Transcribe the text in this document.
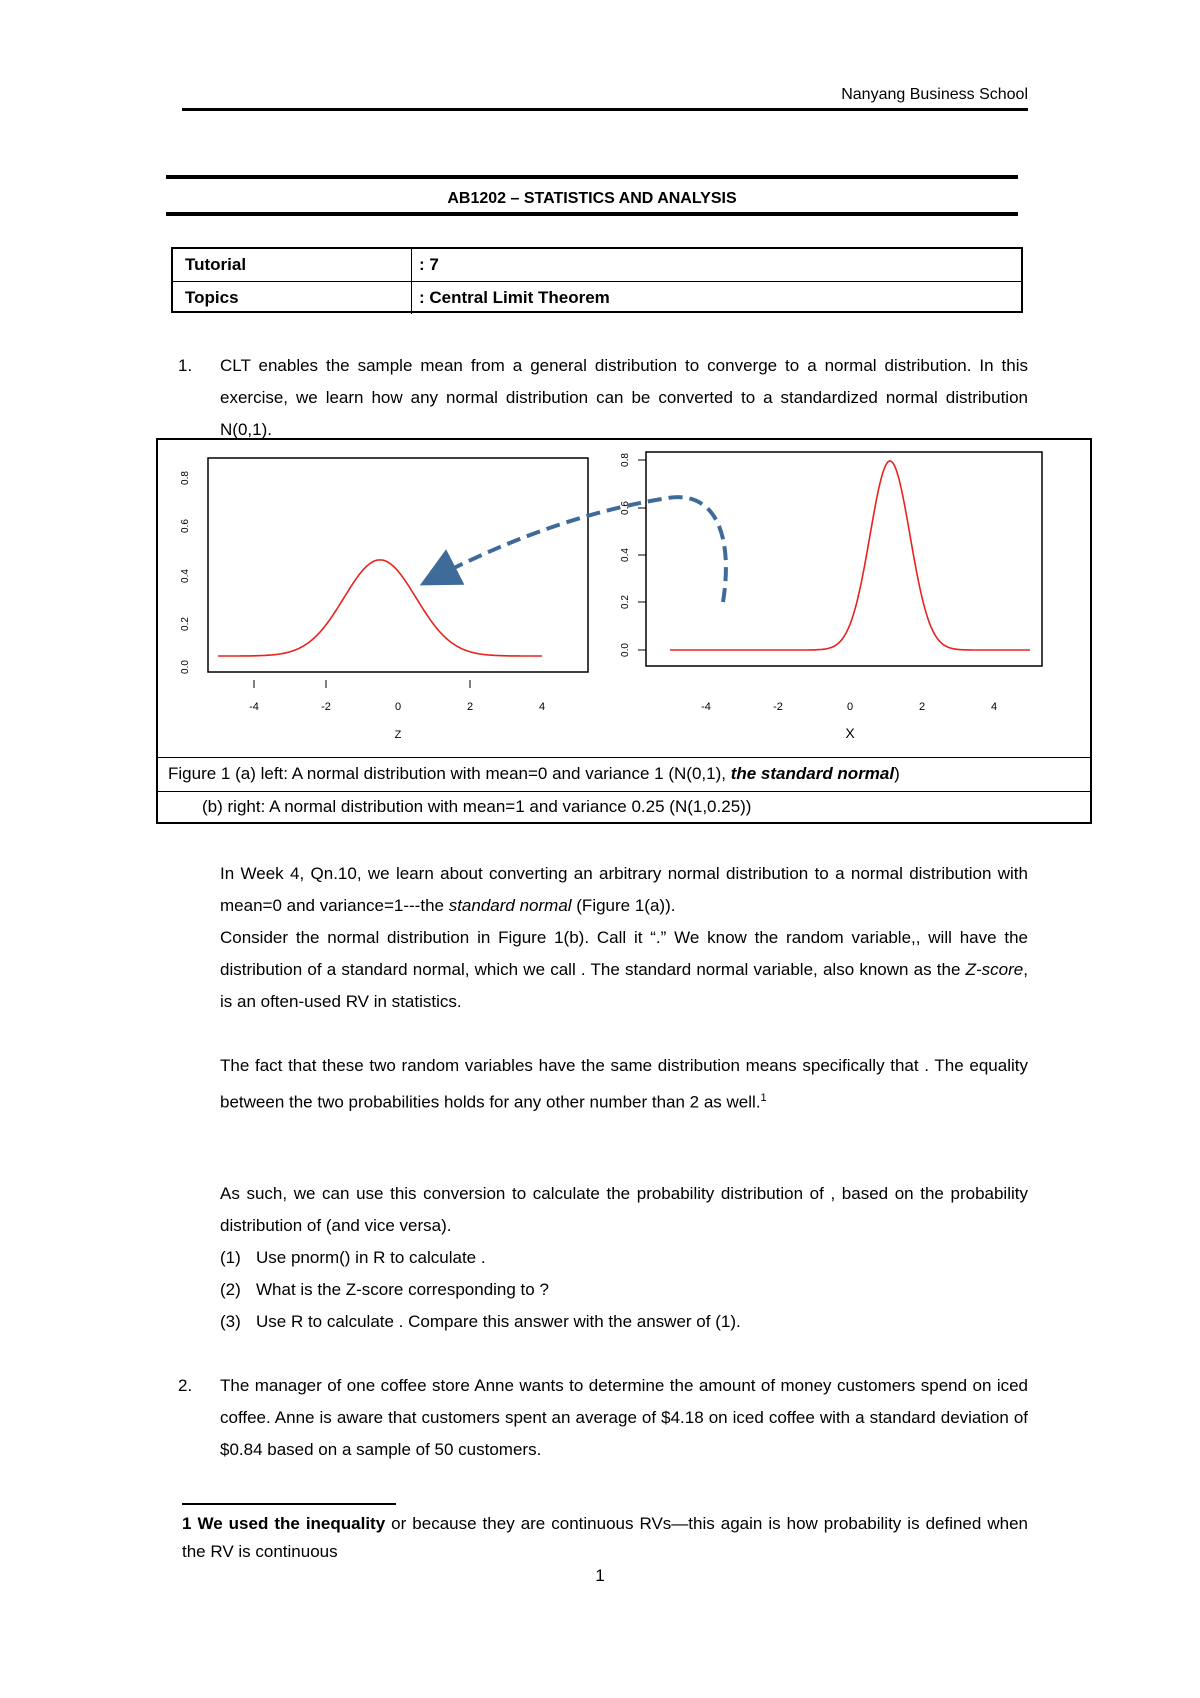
Nanyang Business School
AB1202 – STATISTICS AND ANALYSIS
Tutorial	: 7
Topics	: Central Limit Theorem
1. CLT enables the sample mean from a general distribution to converge to a normal distribution. In this exercise, we learn how any normal distribution can be converted to a standardized normal distribution N(0,1).
0.0
0.2
0.4
0.6
0.8
-4	-2	0	2	4
Z
0.0
0.2
0.4
0.6
0.8
-4	-2	0	2	4
X
Figure 1 (a) left: A normal distribution with mean=0 and variance 1 (N(0,1), the standard normal)
(b) right: A normal distribution with mean=1 and variance 0.25 (N(1,0.25))
In Week 4, Qn.10, we learn about converting an arbitrary normal distribution to a normal distribution with mean=0 and variance=1---the standard normal (Figure 1(a)).
Consider the normal distribution in Figure 1(b). Call it “.” We know the random variable,, will have the distribution of a standard normal, which we call . The standard normal variable, also known as the Z-score, is an often-used RV in statistics.
The fact that these two random variables have the same distribution means specifically that . The equality between the two probabilities holds for any other number than 2 as well.$^1$
As such, we can use this conversion to calculate the probability distribution of , based on the probability distribution of (and vice versa).
(1) Use pnorm() in R to calculate .
(2) What is the Z-score corresponding to ?
(3) Use R to calculate . Compare this answer with the answer of (1).
2. The manager of one coffee store Anne wants to determine the amount of money customers spend on iced coffee. Anne is aware that customers spent an average of $4.18 on iced coffee with a standard deviation of $0.84 based on a sample of 50 customers.
1 We used the inequality or because they are continuous RVs—this again is how probability is defined when the RV is continuous
1
